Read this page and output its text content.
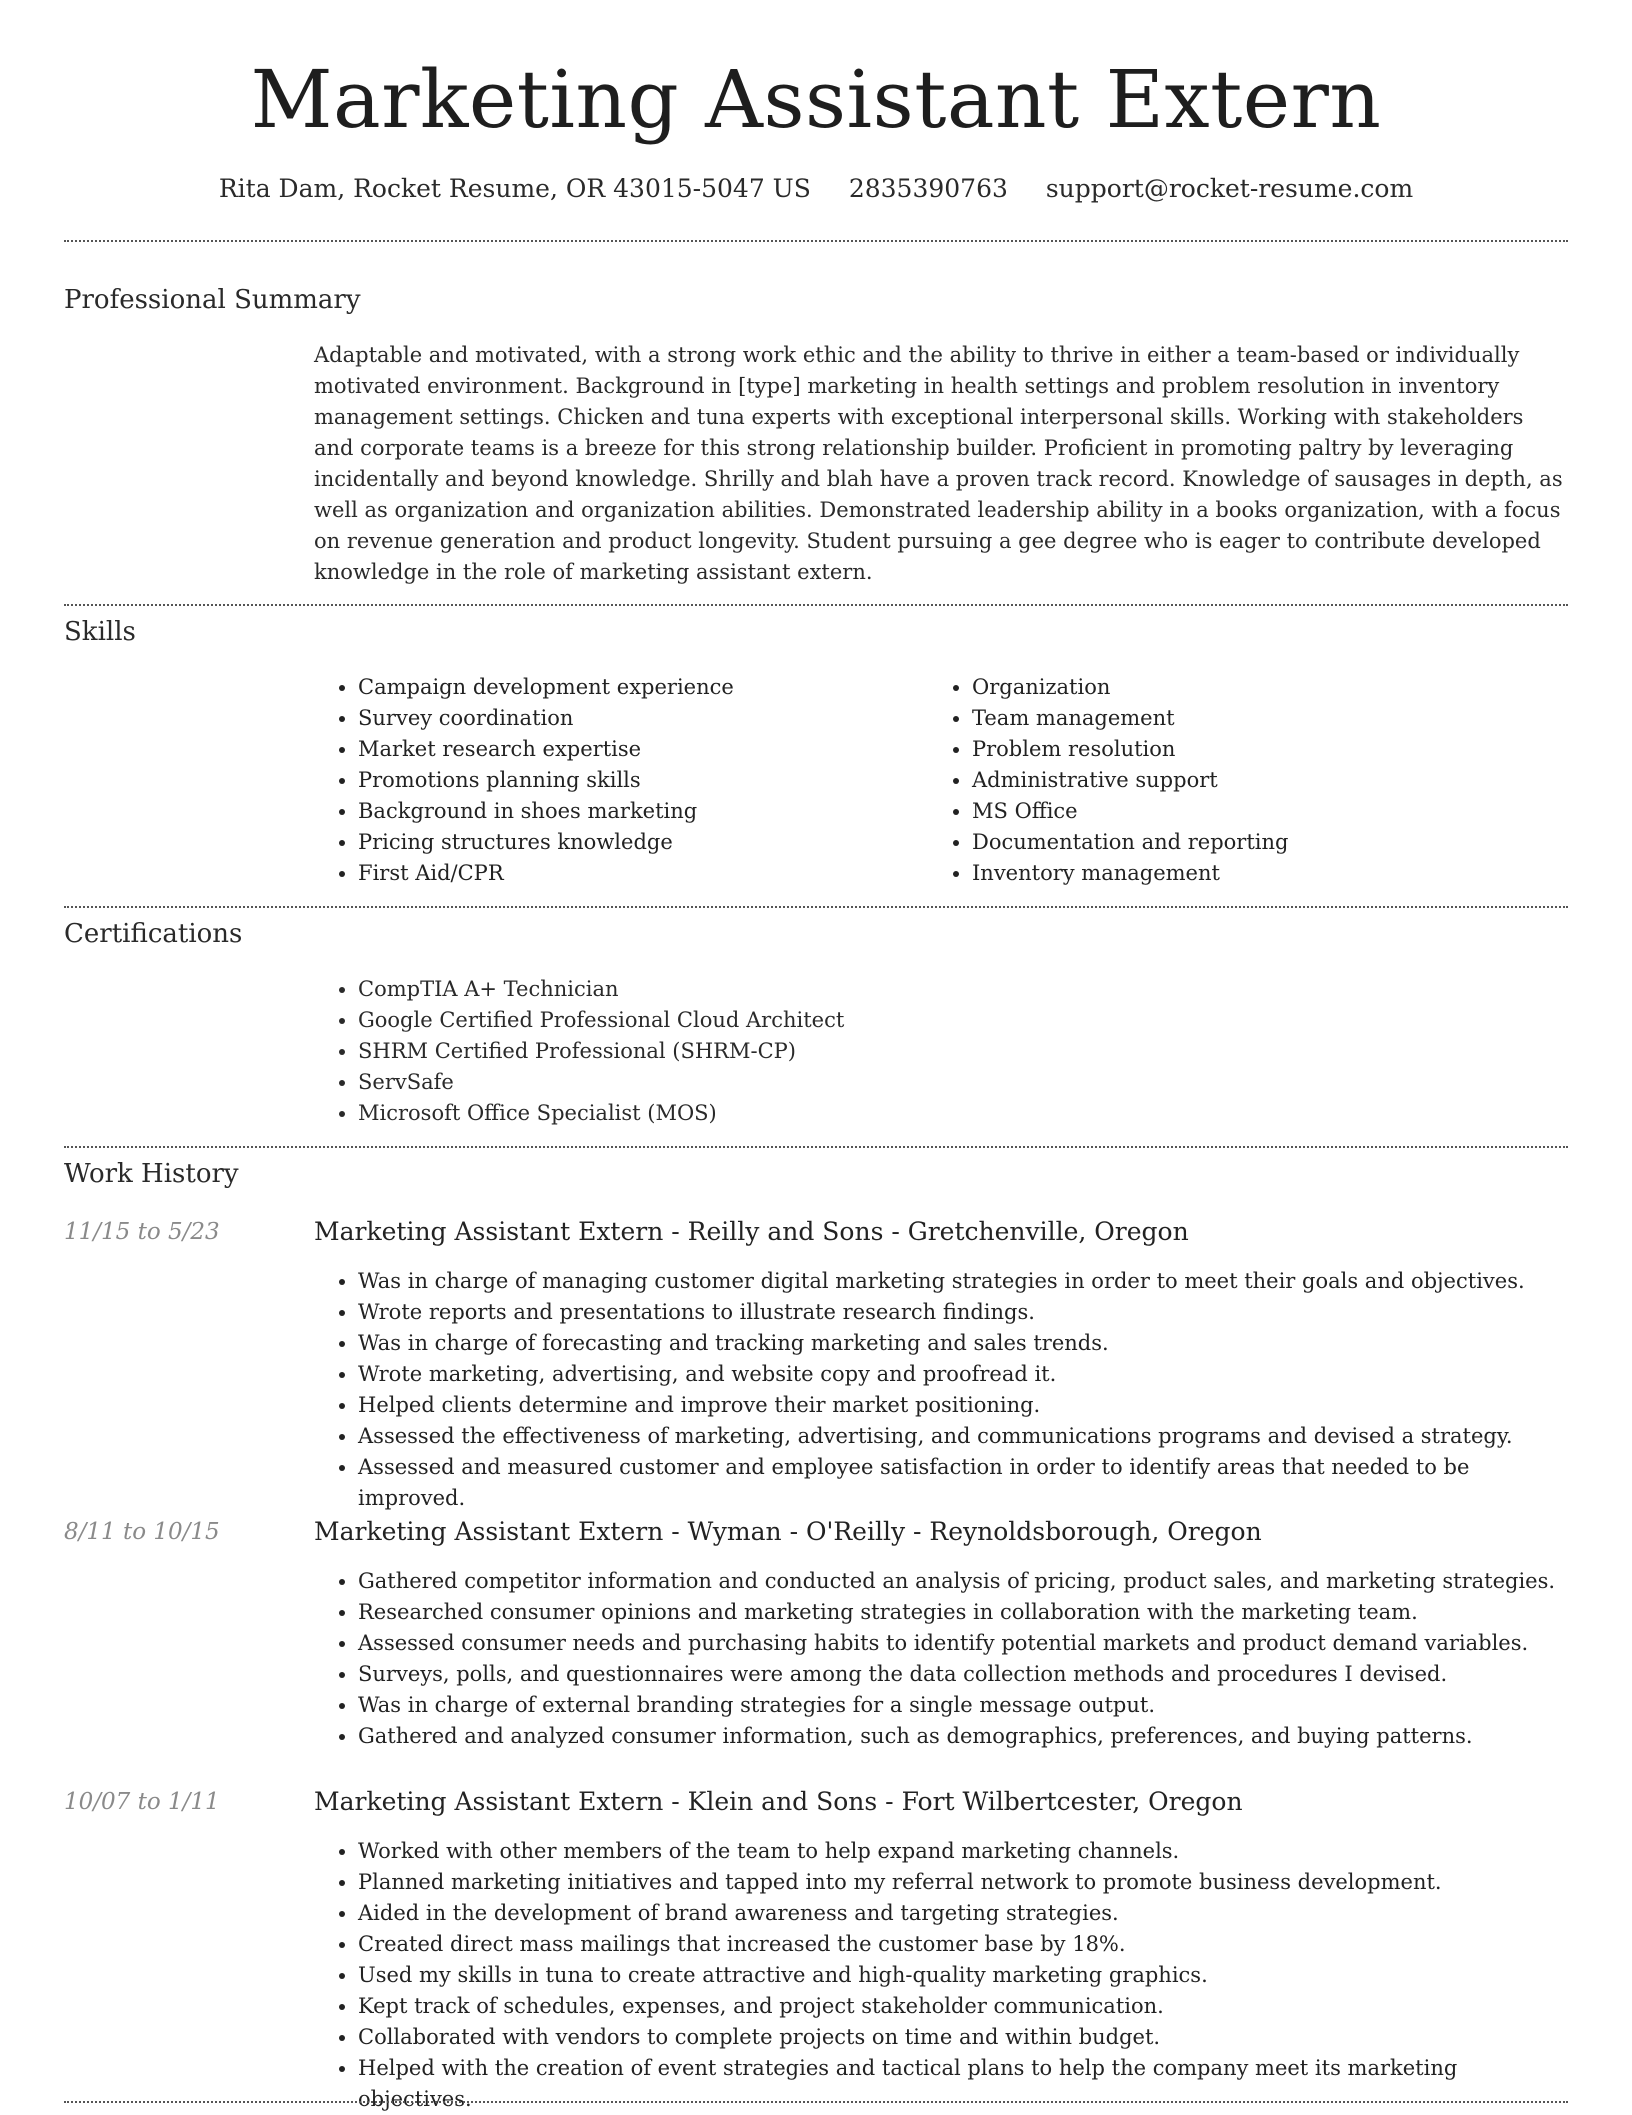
Marketing Assistant Extern
Rita Dam, Rocket Resume, OR 43015-5047 US 2835390763 support@rocket-resume.com
Professional Summary

Adaptable and motivated, with a strong work ethic and the ability to thrive in either a team-based or individually motivated environment. Background in [type] marketing in health settings and problem resolution in inventory management settings. Chicken and tuna experts with exceptional interpersonal skills. Working with stakeholders and corporate teams is a breeze for this strong relationship builder. Proficient in promoting paltry by leveraging incidentally and beyond knowledge. Shrilly and blah have a proven track record. Knowledge of sausages in depth, as well as organization and organization abilities. Demonstrated leadership ability in a books organization, with a focus on revenue generation and product longevity. Student pursuing a gee degree who is eager to contribute developed knowledge in the role of marketing assistant extern.

Skills
• Campaign development experience
• Survey coordination
• Market research expertise
• Promotions planning skills
• Background in shoes marketing
• Pricing structures knowledge
• First Aid/CPR
• Organization
• Team management
• Problem resolution
• Administrative support
• MS Office
• Documentation and reporting
• Inventory management
Certifications
• CompTIA A+ Technician
• Google Certified Professional Cloud Architect
• SHRM Certified Professional (SHRM-CP)
• ServSafe
• Microsoft Office Specialist (MOS)
Work History
11/15 to 5/23	Marketing Assistant Extern - Reilly and Sons - Gretchenville, Oregon
• Was in charge of managing customer digital marketing strategies in order to meet their goals and objectives.
• Wrote reports and presentations to illustrate research findings.
• Was in charge of forecasting and tracking marketing and sales trends.
• Wrote marketing, advertising, and website copy and proofread it.
• Helped clients determine and improve their market positioning.
• Assessed the effectiveness of marketing, advertising, and communications programs and devised a strategy.
• Assessed and measured customer and employee satisfaction in order to identify areas that needed to be improved.
8/11 to 10/15	Marketing Assistant Extern - Wyman - O'Reilly - Reynoldsborough, Oregon
• Gathered competitor information and conducted an analysis of pricing, product sales, and marketing strategies.
• Researched consumer opinions and marketing strategies in collaboration with the marketing team.
• Assessed consumer needs and purchasing habits to identify potential markets and product demand variables.
• Surveys, polls, and questionnaires were among the data collection methods and procedures I devised.
• Was in charge of external branding strategies for a single message output.
• Gathered and analyzed consumer information, such as demographics, preferences, and buying patterns.
10/07 to 1/11	Marketing Assistant Extern - Klein and Sons - Fort Wilbertcester, Oregon
• Worked with other members of the team to help expand marketing channels.
• Planned marketing initiatives and tapped into my referral network to promote business development.
• Aided in the development of brand awareness and targeting strategies.
• Created direct mass mailings that increased the customer base by 18%.
• Used my skills in tuna to create attractive and high-quality marketing graphics.
• Kept track of schedules, expenses, and project stakeholder communication.
• Collaborated with vendors to complete projects on time and within budget.
• Helped with the creation of event strategies and tactical plans to help the company meet its marketing objectives.
